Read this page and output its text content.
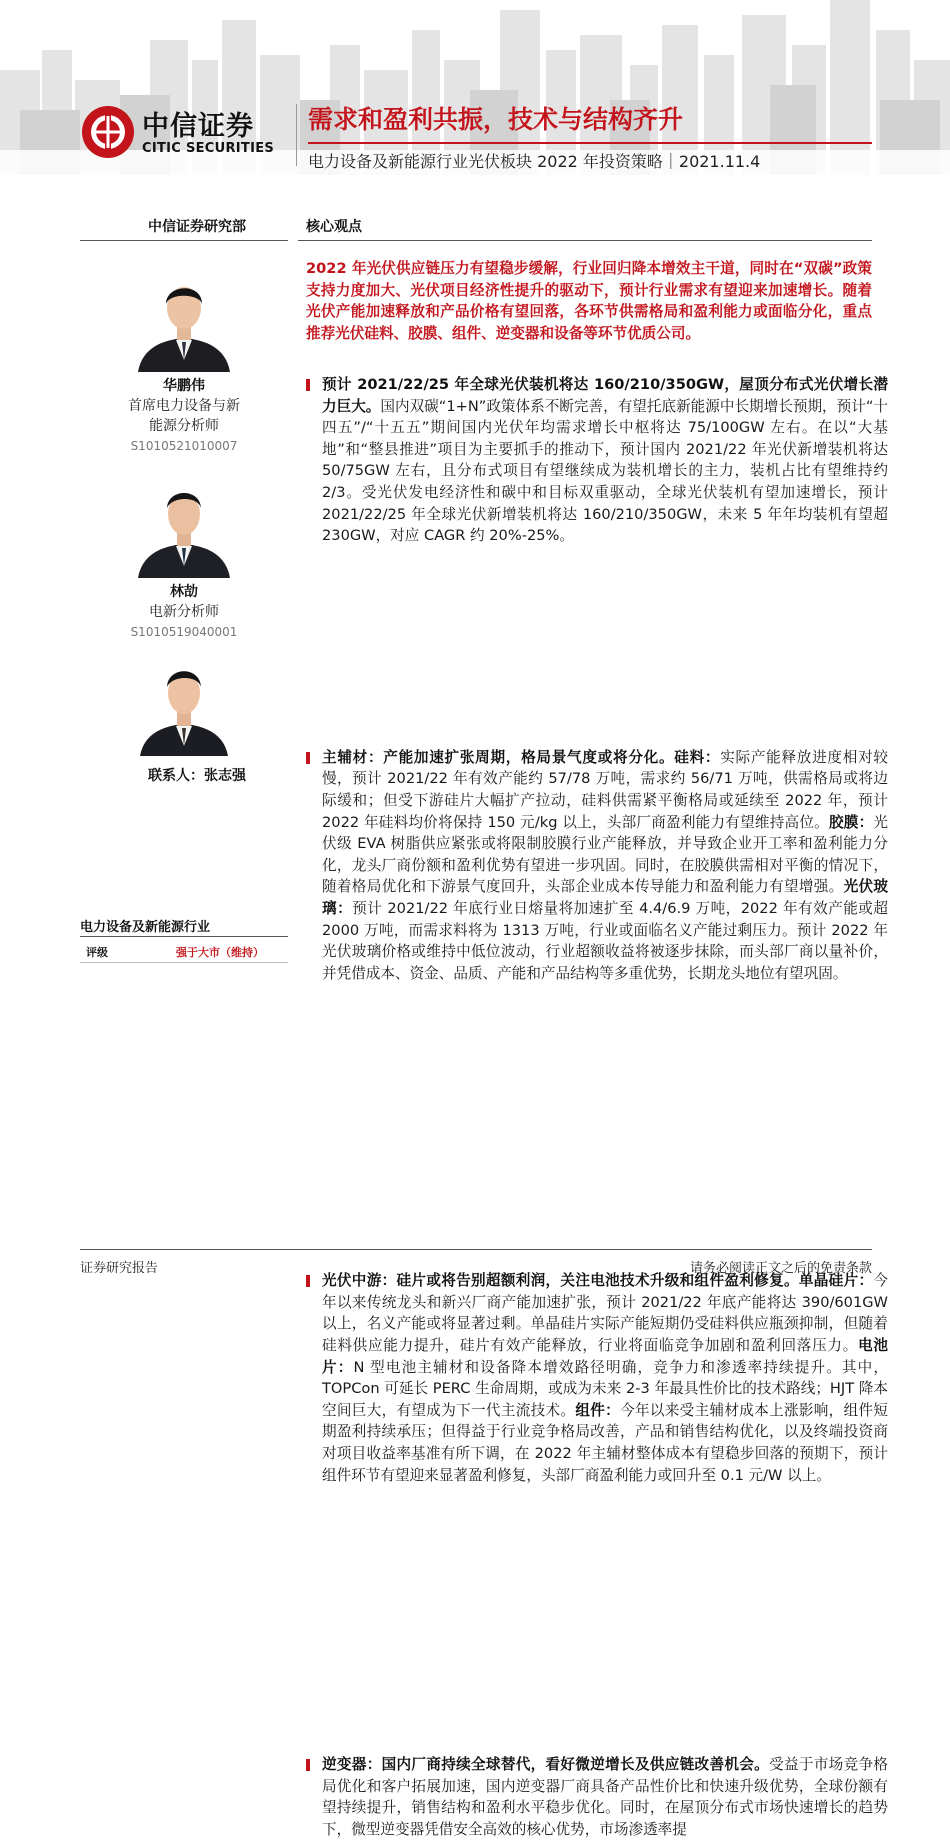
中信证券
CITIC SECURITIES
需求和盈利共振，技术与结构齐升
电力设备及新能源行业光伏板块 2022 年投资策略｜2021.11.4
中信证券研究部	核心观点
华鹏伟
首席电力设备与新
能源分析师
S1010521010007
林劼
电新分析师
S1010519040001
联系人：张志强
电力设备及新能源行业
评级	强于大市（维持）

2022 年光伏供应链压力有望稳步缓解，行业回归降本增效主干道，同时在“双碳”政策支持力度加大、光伏项目经济性提升的驱动下，预计行业需求有望迎来加速增长。随着光伏产能加速释放和产品价格有望回落，各环节供需格局和盈利能力或面临分化，重点推荐光伏硅料、胶膜、组件、逆变器和设备等环节优质公司。

预计 2021/22/25 年全球光伏装机将达 160/210/350GW，屋顶分布式光伏增长潜力巨大。国内双碳“1+N”政策体系不断完善，有望托底新能源中长期增长预期，预计“十四五”/“十五五”期间国内光伏年均需求增长中枢将达 75/100GW 左右。在以“大基地”和“整县推进”项目为主要抓手的推动下，预计国内 2021/22 年光伏新增装机将达 50/75GW 左右，且分布式项目有望继续成为装机增长的主力，装机占比有望维持约 2/3。受光伏发电经济性和碳中和目标双重驱动，全球光伏装机有望加速增长，预计 2021/22/25 年全球光伏新增装机将达 160/210/350GW，未来 5 年年均装机有望超 230GW，对应 CAGR 约 20%-25%。

主辅材：产能加速扩张周期，格局景气度或将分化。硅料：实际产能释放进度相对较慢，预计 2021/22 年有效产能约 57/78 万吨，需求约 56/71 万吨，供需格局或将边际缓和；但受下游硅片大幅扩产拉动，硅料供需紧平衡格局或延续至 2022 年，预计 2022 年硅料均价将保持 150 元/kg 以上，头部厂商盈利能力有望维持高位。胶膜：光伏级 EVA 树脂供应紧张或将限制胶膜行业产能释放，并导致企业开工率和盈利能力分化，龙头厂商份额和盈利优势有望进一步巩固。同时，在胶膜供需相对平衡的情况下，随着格局优化和下游景气度回升，头部企业成本传导能力和盈利能力有望增强。光伏玻璃：预计 2021/22 年底行业日熔量将加速扩至 4.4/6.9 万吨，2022 年有效产能或超 2000 万吨，而需求料将为 1313 万吨，行业或面临名义产能过剩压力。预计 2022 年光伏玻璃价格或维持中低位波动，行业超额收益将被逐步抹除，而头部厂商以量补价，并凭借成本、资金、品质、产能和产品结构等多重优势，长期龙头地位有望巩固。

光伏中游：硅片或将告别超额利润，关注电池技术升级和组件盈利修复。单晶硅片：今年以来传统龙头和新兴厂商产能加速扩张，预计 2021/22 年底产能将达 390/601GW 以上，名义产能或将显著过剩。单晶硅片实际产能短期仍受硅料供应瓶颈抑制，但随着硅料供应能力提升，硅片有效产能释放，行业将面临竞争加剧和盈利回落压力。电池片：N 型电池主辅材和设备降本增效路径明确，竞争力和渗透率持续提升。其中，TOPCon 可延长 PERC 生命周期，或成为未来 2-3 年最具性价比的技术路线；HJT 降本空间巨大，有望成为下一代主流技术。组件：今年以来受主辅材成本上涨影响，组件短期盈利持续承压；但得益于行业竞争格局改善，产品和销售结构优化，以及终端投资商对项目收益率基准有所下调，在 2022 年主辅材整体成本有望稳步回落的预期下，预计组件环节有望迎来显著盈利修复，头部厂商盈利能力或回升至 0.1 元/W 以上。

逆变器：国内厂商持续全球替代，看好微逆增长及供应链改善机会。受益于市场竞争格局优化和客户拓展加速，国内逆变器厂商具备产品性价比和快速升级优势，全球份额有望持续提升，销售结构和盈利水平稳步优化。同时，在屋顶分布式市场快速增长的趋势下，微型逆变器凭借安全高效的核心优势，市场渗透率提

证券研究报告	请务必阅读正文之后的免责条款
